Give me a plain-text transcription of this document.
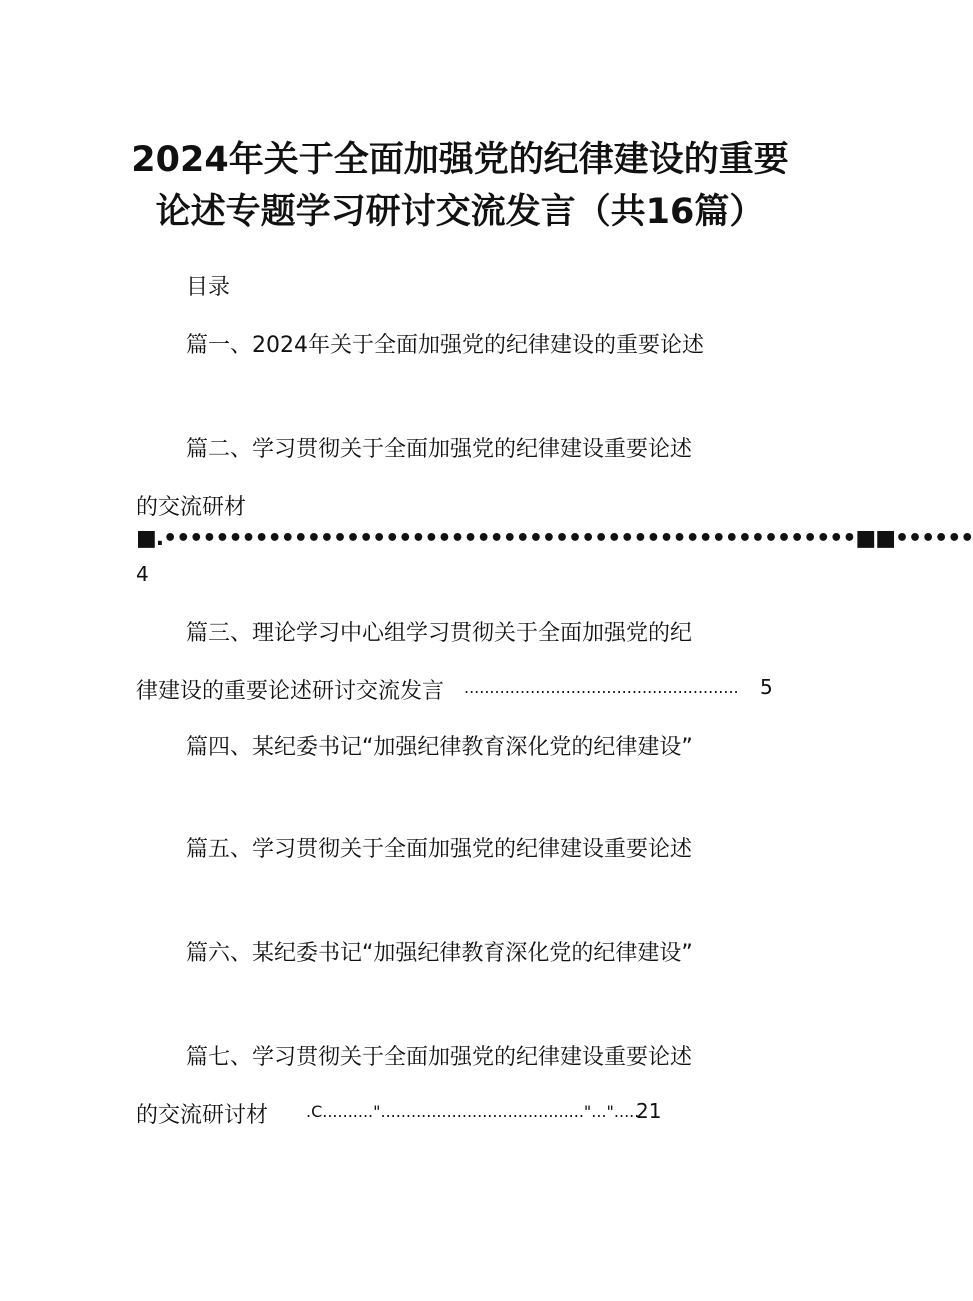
2024年关于全面加强党的纪律建设的重要
论述专题学习研讨交流发言（共16篇）
目录
篇一、2024年关于全面加强党的纪律建设的重要论述
篇二、学习贯彻关于全面加强党的纪律建设重要论述
的交流研材
■.•••••••••••••••••••••••••••••••••••••••••••••••••••••■■••••••
4
篇三、理论学习中心组学习贯彻关于全面加强党的纪
律建设的重要论述研讨交流发言 ......................................................	5
篇四、某纪委书记“加强纪律教育深化党的纪律建设”
篇五、学习贯彻关于全面加强党的纪律建设重要论述
篇六、某纪委书记“加强纪律教育深化党的纪律建设”
篇七、学习贯彻关于全面加强党的纪律建设重要论述
的交流研讨材 .C.........."........................................"...".....
21
